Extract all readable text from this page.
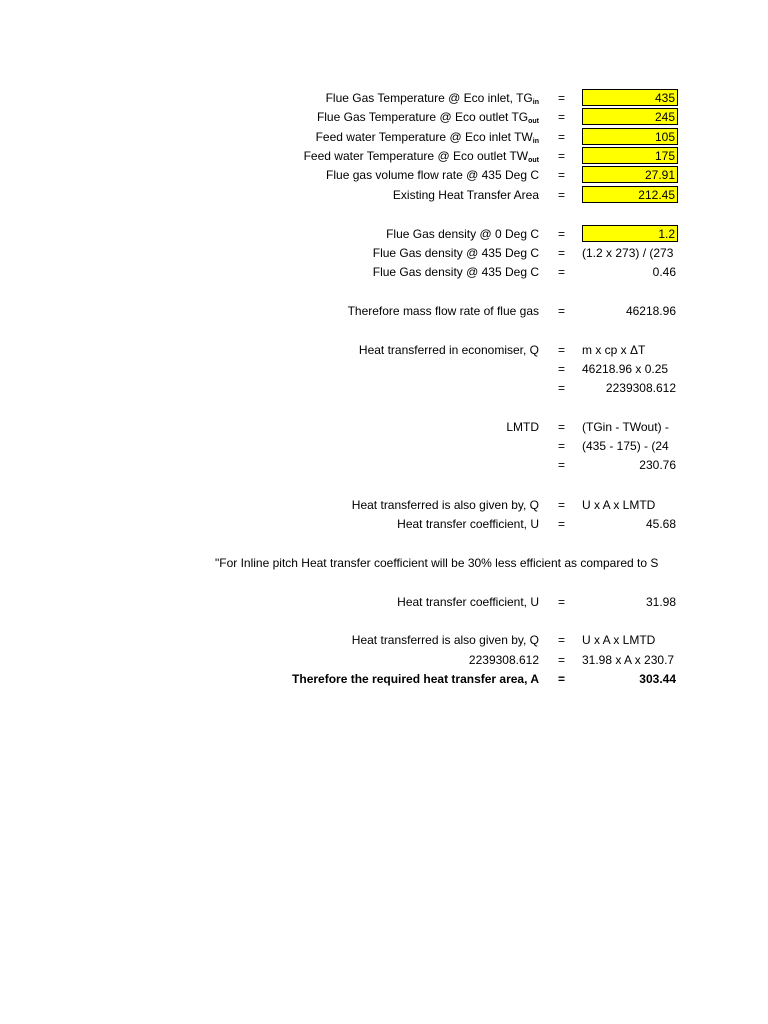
Flue Gas Temperature @ Eco inlet, $TG_{in}$ =	435
Flue Gas Temperature @ Eco outlet $TG_{out}$ =	245
Feed water Temperature @ Eco inlet $TW_{in}$ =	105
Feed water Temperature @ Eco outlet $TW_{out}$ =	175
Flue gas volume flow rate @ 435 Deg C =	27.91
Existing Heat Transfer Area =	212.45
Flue Gas density @ 0 Deg C =	1.2
Flue Gas density @ 435 Deg C = (1.2 x 273) / (273
Flue Gas density @ 435 Deg C =	0.46
Therefore mass flow rate of flue gas =	46218.96
Heat transferred in economiser, Q = m x cp x ΔT
= 46218.96 x 0.25
=	2239308.612
LMTD = (TGin - TWout) -
= (435 - 175) - (24
=	230.76
Heat transferred is also given by, Q = U x A x LMTD
Heat transfer coefficient, U =	45.68
"For Inline pitch Heat transfer coefficient will be 30% less efficient as compared to S
Heat transfer coefficient, U =	31.98
Heat transferred is also given by, Q = U x A x LMTD
2239308.612 = 31.98 x A x 230.7
Therefore the required heat transfer area, A =	303.44
